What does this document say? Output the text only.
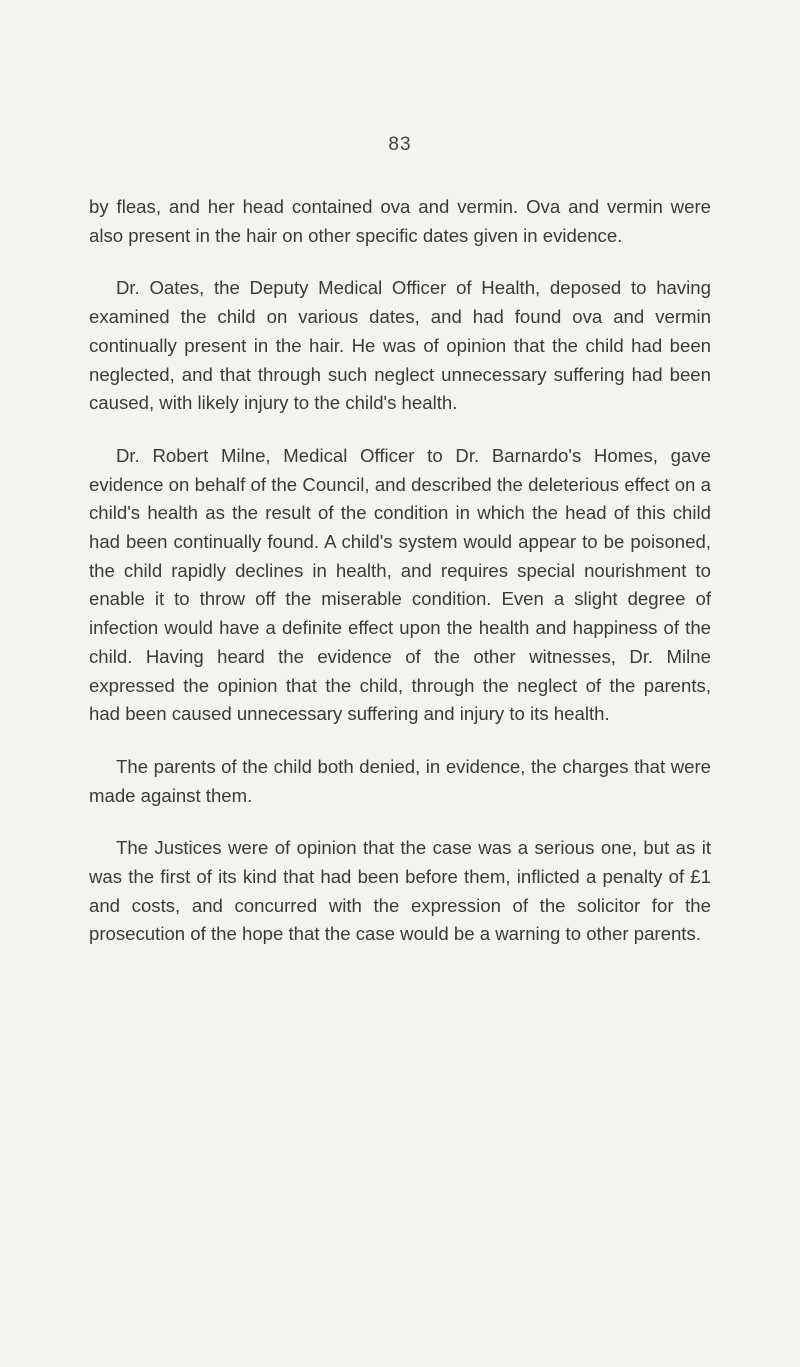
83

by fleas, and her head contained ova and vermin. Ova and vermin were also present in the hair on other specific dates given in evidence.

Dr. Oates, the Deputy Medical Officer of Health, deposed to having examined the child on various dates, and had found ova and vermin continually present in the hair. He was of opinion that the child had been neglected, and that through such neglect unnecessary suffering had been caused, with likely injury to the child's health.

Dr. Robert Milne, Medical Officer to Dr. Barnardo's Homes, gave evidence on behalf of the Council, and described the deleterious effect on a child's health as the result of the condition in which the head of this child had been continually found. A child's system would appear to be poisoned, the child rapidly declines in health, and requires special nourishment to enable it to throw off the miserable condition. Even a slight degree of infection would have a definite effect upon the health and happiness of the child. Having heard the evidence of the other witnesses, Dr. Milne expressed the opinion that the child, through the neglect of the parents, had been caused unnecessary suffering and injury to its health.

The parents of the child both denied, in evidence, the charges that were made against them.

The Justices were of opinion that the case was a serious one, but as it was the first of its kind that had been before them, inflicted a penalty of £1 and costs, and concurred with the expression of the solicitor for the prosecution of the hope that the case would be a warning to other parents.
